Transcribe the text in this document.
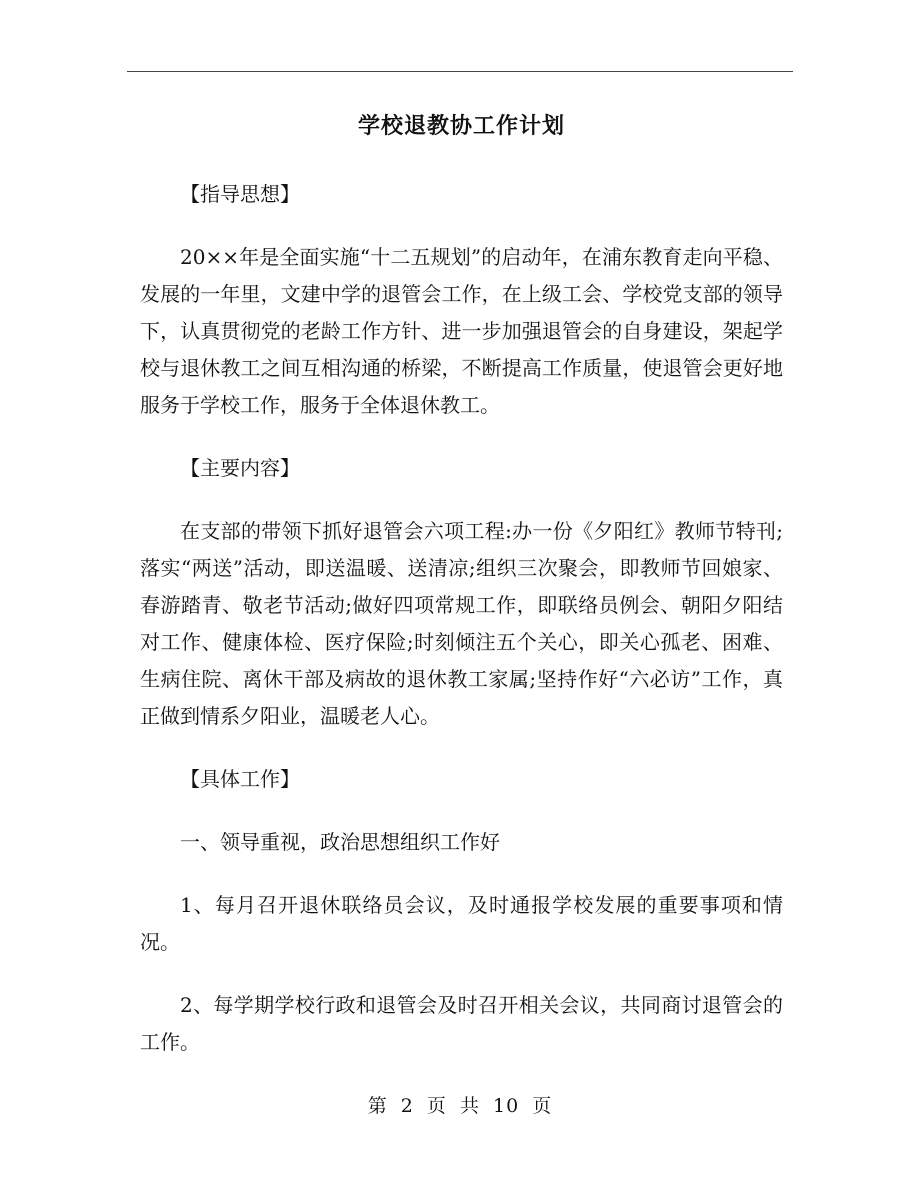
学校退教协工作计划

【指导思想】

20××年是全面实施“十二五规划”的启动年，在浦东教育走向平稳、发展的一年里，文建中学的退管会工作，在上级工会、学校党支部的领导下，认真贯彻党的老龄工作方针、进一步加强退管会的自身建设，架起学校与退休教工之间互相沟通的桥梁，不断提高工作质量，使退管会更好地服务于学校工作，服务于全体退休教工。

【主要内容】

在支部的带领下抓好退管会六项工程:办一份《夕阳红》教师节特刊;落实“两送”活动，即送温暖、送清凉;组织三次聚会，即教师节回娘家、春游踏青、敬老节活动;做好四项常规工作，即联络员例会、朝阳夕阳结对工作、健康体检、医疗保险;时刻倾注五个关心，即关心孤老、困难、生病住院、离休干部及病故的退休教工家属;坚持作好“六必访”工作，真正做到情系夕阳业，温暖老人心。

【具体工作】

一、领导重视，政治思想组织工作好

1、每月召开退休联络员会议，及时通报学校发展的重要事项和情况。

2、每学期学校行政和退管会及时召开相关会议，共同商讨退管会的工作。

第 2 页 共 10 页
